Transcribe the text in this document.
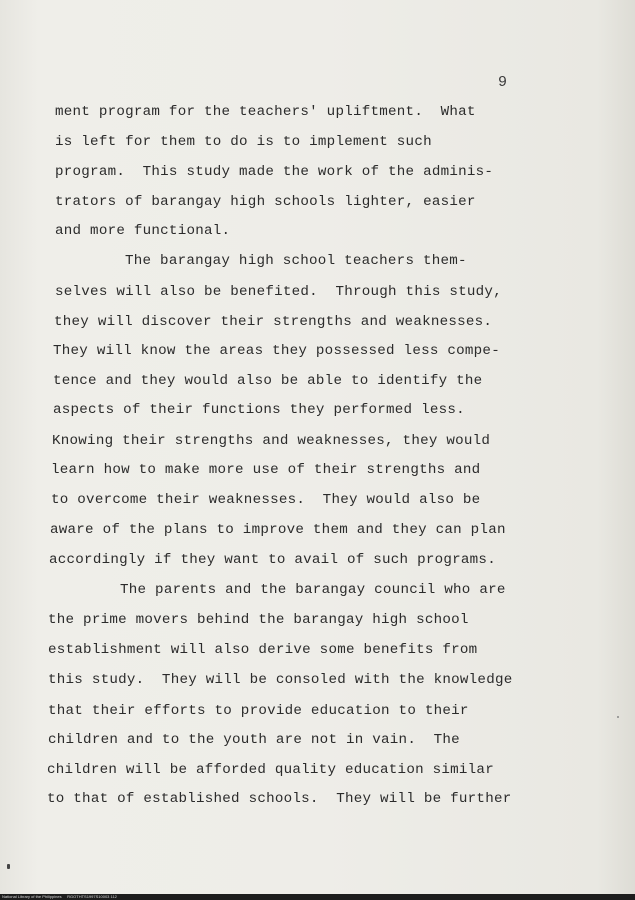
9
ment program for the teachers' upliftment.  What
is left for them to do is to implement such
program.  This study made the work of the adminis-
trators of barangay high schools lighter, easier
and more functional.
The barangay high school teachers them-
selves will also be benefited.  Through this study,
they will discover their strengths and weaknesses.
They will know the areas they possessed less compe-
tence and they would also be able to identify the
aspects of their functions they performed less.
Knowing their strengths and weaknesses, they would
learn how to make more use of their strengths and
to overcome their weaknesses.  They would also be
aware of the plans to improve them and they can plan
accordingly if they want to avail of such programs.
The parents and the barangay council who are
the prime movers behind the barangay high school
establishment will also derive some benefits from
this study.  They will be consoled with the knowledge
that their efforts to provide education to their
children and to the youth are not in vain.  The
children will be afforded quality education similar
to that of established schools.  They will be further
National Library of the Philippines RGOTHTS1997S10003 112
